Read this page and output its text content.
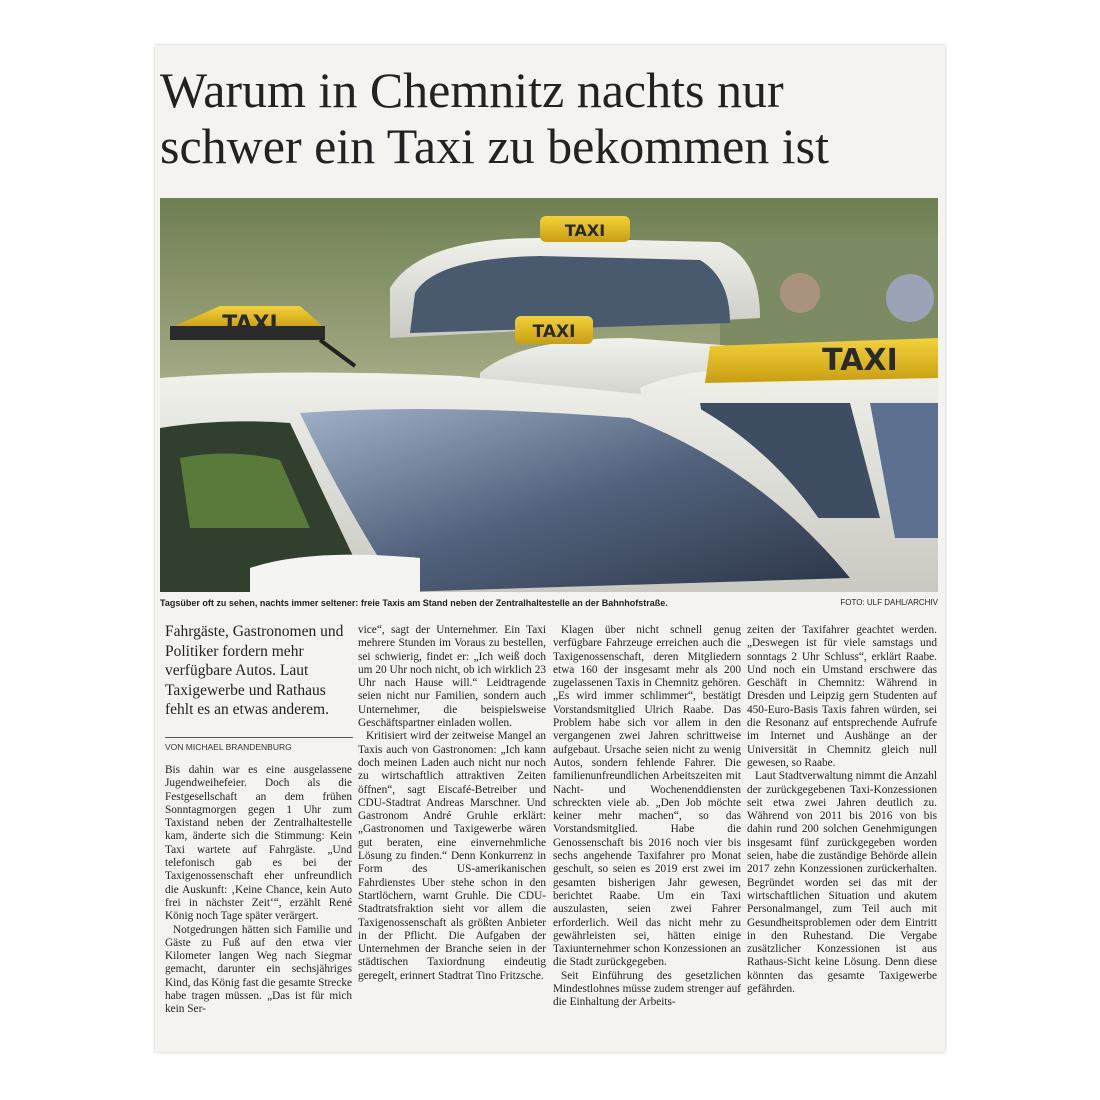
Warum in Chemnitz nachts nur
schwer ein Taxi zu bekommen ist
TAXI
TAXI
TAXI
TAXI
Tagsüber oft zu sehen, nachts immer seltener: freie Taxis am Stand neben der Zentralhaltestelle an der Bahnhofstraße.	FOTO: ULF DAHL/ARCHIV

Fahrgäste, Gastronomen und Politiker fordern mehr verfügbare Autos. Laut Taxigewerbe und Rathaus fehlt es an etwas anderem.

VON MICHAEL BRANDENBURG

Bis dahin war es eine ausgelassene Jugendweihefeier. Doch als die Festgesellschaft an dem frühen Sonntagmorgen gegen 1 Uhr zum Taxistand neben der Zentralhaltestelle kam, änderte sich die Stimmung: Kein Taxi wartete auf Fahrgäste. „Und telefonisch gab es bei der Taxigenossenschaft eher unfreundlich die Auskunft: ‚Keine Chance, kein Auto frei in nächster Zeit‘“, erzählt René König noch Tage später verärgert.

Notgedrungen hätten sich Familie und Gäste zu Fuß auf den etwa vier Kilometer langen Weg nach Siegmar gemacht, darunter ein sechsjähriges Kind, das König fast die gesamte Strecke habe tragen müssen. „Das ist für mich kein Ser-

vice“, sagt der Unternehmer. Ein Taxi mehrere Stunden im Voraus zu bestellen, sei schwierig, findet er: „Ich weiß doch um 20 Uhr noch nicht, ob ich wirklich 23 Uhr nach Hause will.“ Leidtragende seien nicht nur Familien, sondern auch Unternehmer, die beispielsweise Geschäftspartner einladen wollen.

Kritisiert wird der zeitweise Mangel an Taxis auch von Gastronomen: „Ich kann doch meinen Laden auch nicht nur noch zu wirtschaftlich attraktiven Zeiten öffnen“, sagt Eiscafé-Betreiber und CDU-Stadtrat Andreas Marschner. Und Gastronom André Gruhle erklärt: „Gastronomen und Taxigewerbe wären gut beraten, eine einvernehmliche Lösung zu finden.“ Denn Konkurrenz in Form des US-amerikanischen Fahrdienstes Uber stehe schon in den Startlöchern, warnt Gruhle. Die CDU-Stadtratsfraktion sieht vor allem die Taxigenossenschaft als größten Anbieter in der Pflicht. Die Aufgaben der Unternehmen der Branche seien in der städtischen Taxiordnung eindeutig geregelt, erinnert Stadtrat Tino Fritzsche.

Klagen über nicht schnell genug verfügbare Fahrzeuge erreichen auch die Taxigenossenschaft, deren Mitgliedern etwa 160 der insgesamt mehr als 200 zugelassenen Taxis in Chemnitz gehören. „Es wird immer schlimmer“, bestätigt Vorstandsmitglied Ulrich Raabe. Das Problem habe sich vor allem in den vergangenen zwei Jahren schrittweise aufgebaut. Ursache seien nicht zu wenig Autos, sondern fehlende Fahrer. Die familienunfreundlichen Arbeitszeiten mit Nacht- und Wochenenddiensten schreckten viele ab. „Den Job möchte keiner mehr machen“, so das Vorstandsmitglied. Habe die Genossenschaft bis 2016 noch vier bis sechs angehende Taxifahrer pro Monat geschult, so seien es 2019 erst zwei im gesamten bisherigen Jahr gewesen, berichtet Raabe. Um ein Taxi auszulasten, seien zwei Fahrer erforderlich. Weil das nicht mehr zu gewährleisten sei, hätten einige Taxiunternehmer schon Konzessionen an die Stadt zurückgegeben.

Seit Einführung des gesetzlichen Mindestlohnes müsse zudem strenger auf die Einhaltung der Arbeits-

zeiten der Taxifahrer geachtet werden. „Deswegen ist für viele samstags und sonntags 2 Uhr Schluss“, erklärt Raabe. Und noch ein Umstand erschwere das Geschäft in Chemnitz: Während in Dresden und Leipzig gern Studenten auf 450-Euro-Basis Taxis fahren würden, sei die Resonanz auf entsprechende Aufrufe im Internet und Aushänge an der Universität in Chemnitz gleich null gewesen, so Raabe.

Laut Stadtverwaltung nimmt die Anzahl der zurückgegebenen Taxi-Konzessionen seit etwa zwei Jahren deutlich zu. Während von 2011 bis 2016 von bis dahin rund 200 solchen Genehmigungen insgesamt fünf zurückgegeben worden seien, habe die zuständige Behörde allein 2017 zehn Konzessionen zurückerhalten. Begründet worden sei das mit der wirtschaftlichen Situation und akutem Personalmangel, zum Teil auch mit Gesundheitsproblemen oder dem Eintritt in den Ruhestand. Die Vergabe zusätzlicher Konzessionen ist aus Rathaus-Sicht keine Lösung. Denn diese könnten das gesamte Taxigewerbe gefährden.
